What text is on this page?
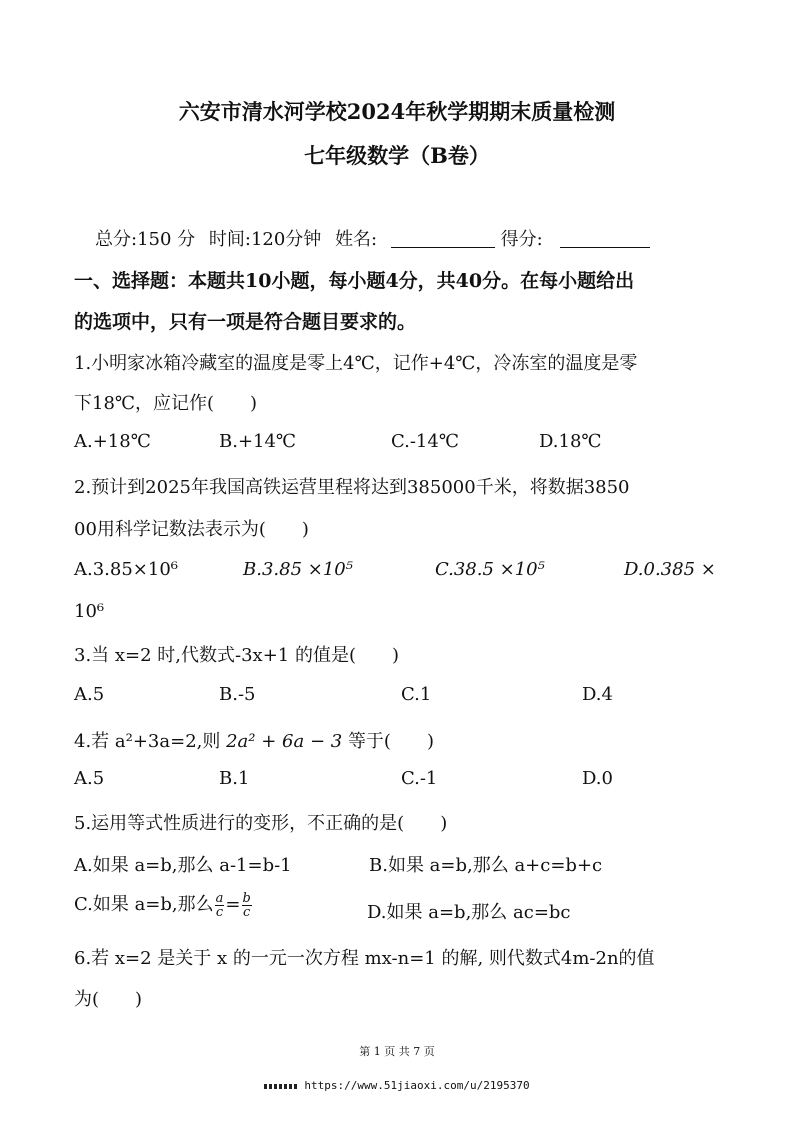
六安市清水河学校2024年秋学期期末质量检测
七年级数学（B卷）
总分:150 分 时间:120分钟 姓名:	得分:
一、选择题：本题共10小题，每小题4分，共40分。在每小题给出
的选项中，只有一项是符合题目要求的。
1.小明家冰箱冷藏室的温度是零上4℃，记作+4℃，冷冻室的温度是零
下18℃，应记作(　　)
A.+18℃	B.+14℃	C.-14℃	D.18℃
2.预计到2025年我国高铁运营里程将达到385000千米，将数据3850
00用科学记数法表示为(　　)
A.3.85×10⁶	B.3.85 ×10⁵	C.38.5 ×10⁵	D.0.385 ×
10⁶
3.当 x=2 时,代数式-3x+1 的值是(　　)
A.5	B.-5	C.1	D.4
4.若 a²+3a=2,则 2a² + 6a − 3 等于(　　)
A.5	B.1	C.-1	D.0
5.运用等式性质进行的变形，不正确的是(　　)
A.如果 a=b,那么 a-1=b-1	B.如果 a=b,那么 a+c=b+c
C.如果 a=b,那么 $\frac{a}{c} = \frac{b}{c}$	D.如果 a=b,那么 ac=bc
6.若 x=2 是关于 x 的一元一次方程 mx-n=1 的解, 则代数式4m-2n的值
为(　　)
第 1 页 共 7 页
https://www.51jiaoxi.com/u/2195370
